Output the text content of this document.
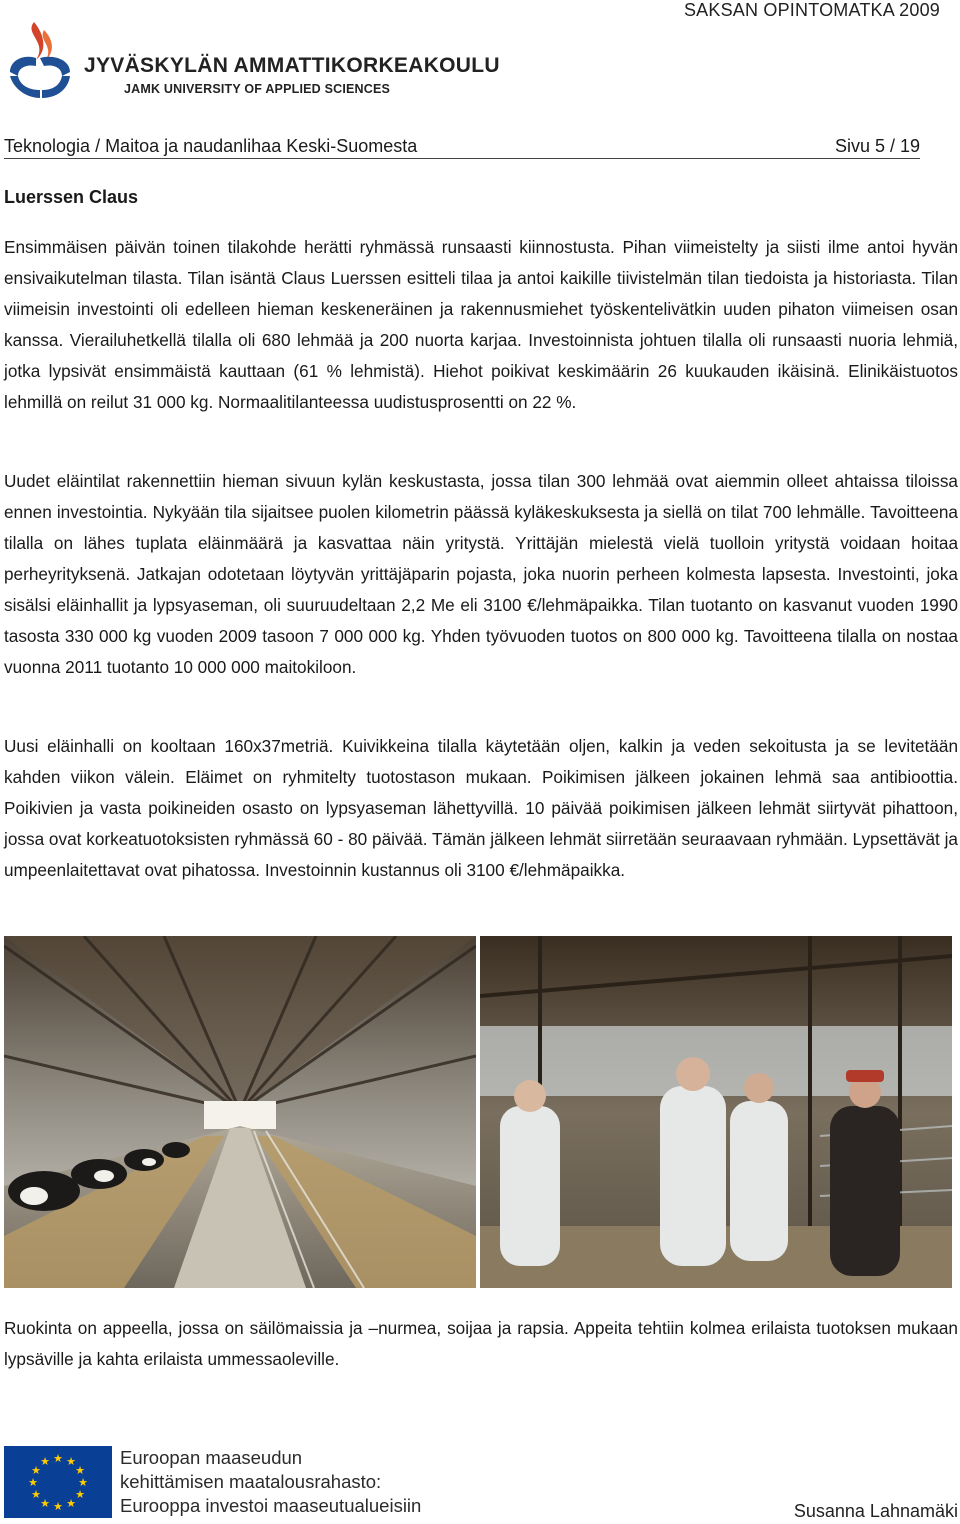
SAKSAN OPINTOMATKA 2009
JYVÄSKYLÄN AMMATTIKORKEAKOULU
JAMK UNIVERSITY OF APPLIED SCIENCES
Teknologia / Maitoa ja naudanlihaa Keski-Suomesta	Sivu 5 / 19
Luerssen Claus

Ensimmäisen päivän toinen tilakohde herätti ryhmässä runsaasti kiinnostusta. Pihan viimeistelty ja siisti ilme antoi hyvän ensivaikutelman tilasta. Tilan isäntä Claus Luerssen esitteli tilaa ja antoi kaikille tiivistelmän tilan tiedoista ja historiasta. Tilan viimeisin investointi oli edelleen hieman keskeneräinen ja rakennusmiehet työskentelivätkin uuden pihaton viimeisen osan kanssa. Vierailuhetkellä tilalla oli 680 lehmää ja 200 nuorta karjaa. Investoinnista johtuen tilalla oli runsaasti nuoria lehmiä, jotka lypsivät ensimmäistä kauttaan (61 % lehmistä). Hiehot poikivat keskimäärin 26 kuukauden ikäisinä. Elinikäistuotos lehmillä on reilut 31 000 kg. Normaalitilanteessa uudistusprosentti on 22 %.

Uudet eläintilat rakennettiin hieman sivuun kylän keskustasta, jossa tilan 300 lehmää ovat aiemmin olleet ahtaissa tiloissa ennen investointia. Nykyään tila sijaitsee puolen kilometrin päässä kyläkeskuksesta ja siellä on tilat 700 lehmälle. Tavoitteena tilalla on lähes tuplata eläinmäärä ja kasvattaa näin yritystä. Yrittäjän mielestä vielä tuolloin yritystä voidaan hoitaa perheyrityksenä. Jatkajan odotetaan löytyvän yrittäjäparin pojasta, joka nuorin perheen kolmesta lapsesta. Investointi, joka sisälsi eläinhallit ja lypsyaseman, oli suuruudeltaan 2,2 Me eli 3100 €/lehmäpaikka. Tilan tuotanto on kasvanut vuoden 1990 tasosta 330 000 kg vuoden 2009 tasoon 7 000 000 kg. Yhden työvuoden tuotos on 800 000 kg. Tavoitteena tilalla on nostaa vuonna 2011 tuotanto 10 000 000 maitokiloon.

Uusi eläinhalli on kooltaan 160x37metriä. Kuivikkeina tilalla käytetään oljen, kalkin ja veden sekoitusta ja se levitetään kahden viikon välein. Eläimet on ryhmitelty tuotostason mukaan. Poikimisen jälkeen jokainen lehmä saa antibioottia. Poikivien ja vasta poikineiden osasto on lypsyaseman lähettyvillä. 10 päivää poikimisen jälkeen lehmät siirtyvät pihattoon, jossa ovat korkeatuotoksisten ryhmässä 60 - 80 päivää. Tämän jälkeen lehmät siirretään seuraavaan ryhmään. Lypsettävät ja umpeenlaitettavat ovat pihatossa. Investoinnin kustannus oli 3100 €/lehmäpaikka.

Ruokinta on appeella, jossa on säilömaissia ja –nurmea, soijaa ja rapsia. Appeita tehtiin kolmea erilaista tuotoksen mukaan lypsäville ja kahta erilaista ummessaoleville.

★ ★
★
★
★
★
★
★
★
★
★
★	Euroopan maaseudun
kehittämisen maatalousrahasto:
Eurooppa investoi maaseutualueisiin	Susanna Lahnamäki
